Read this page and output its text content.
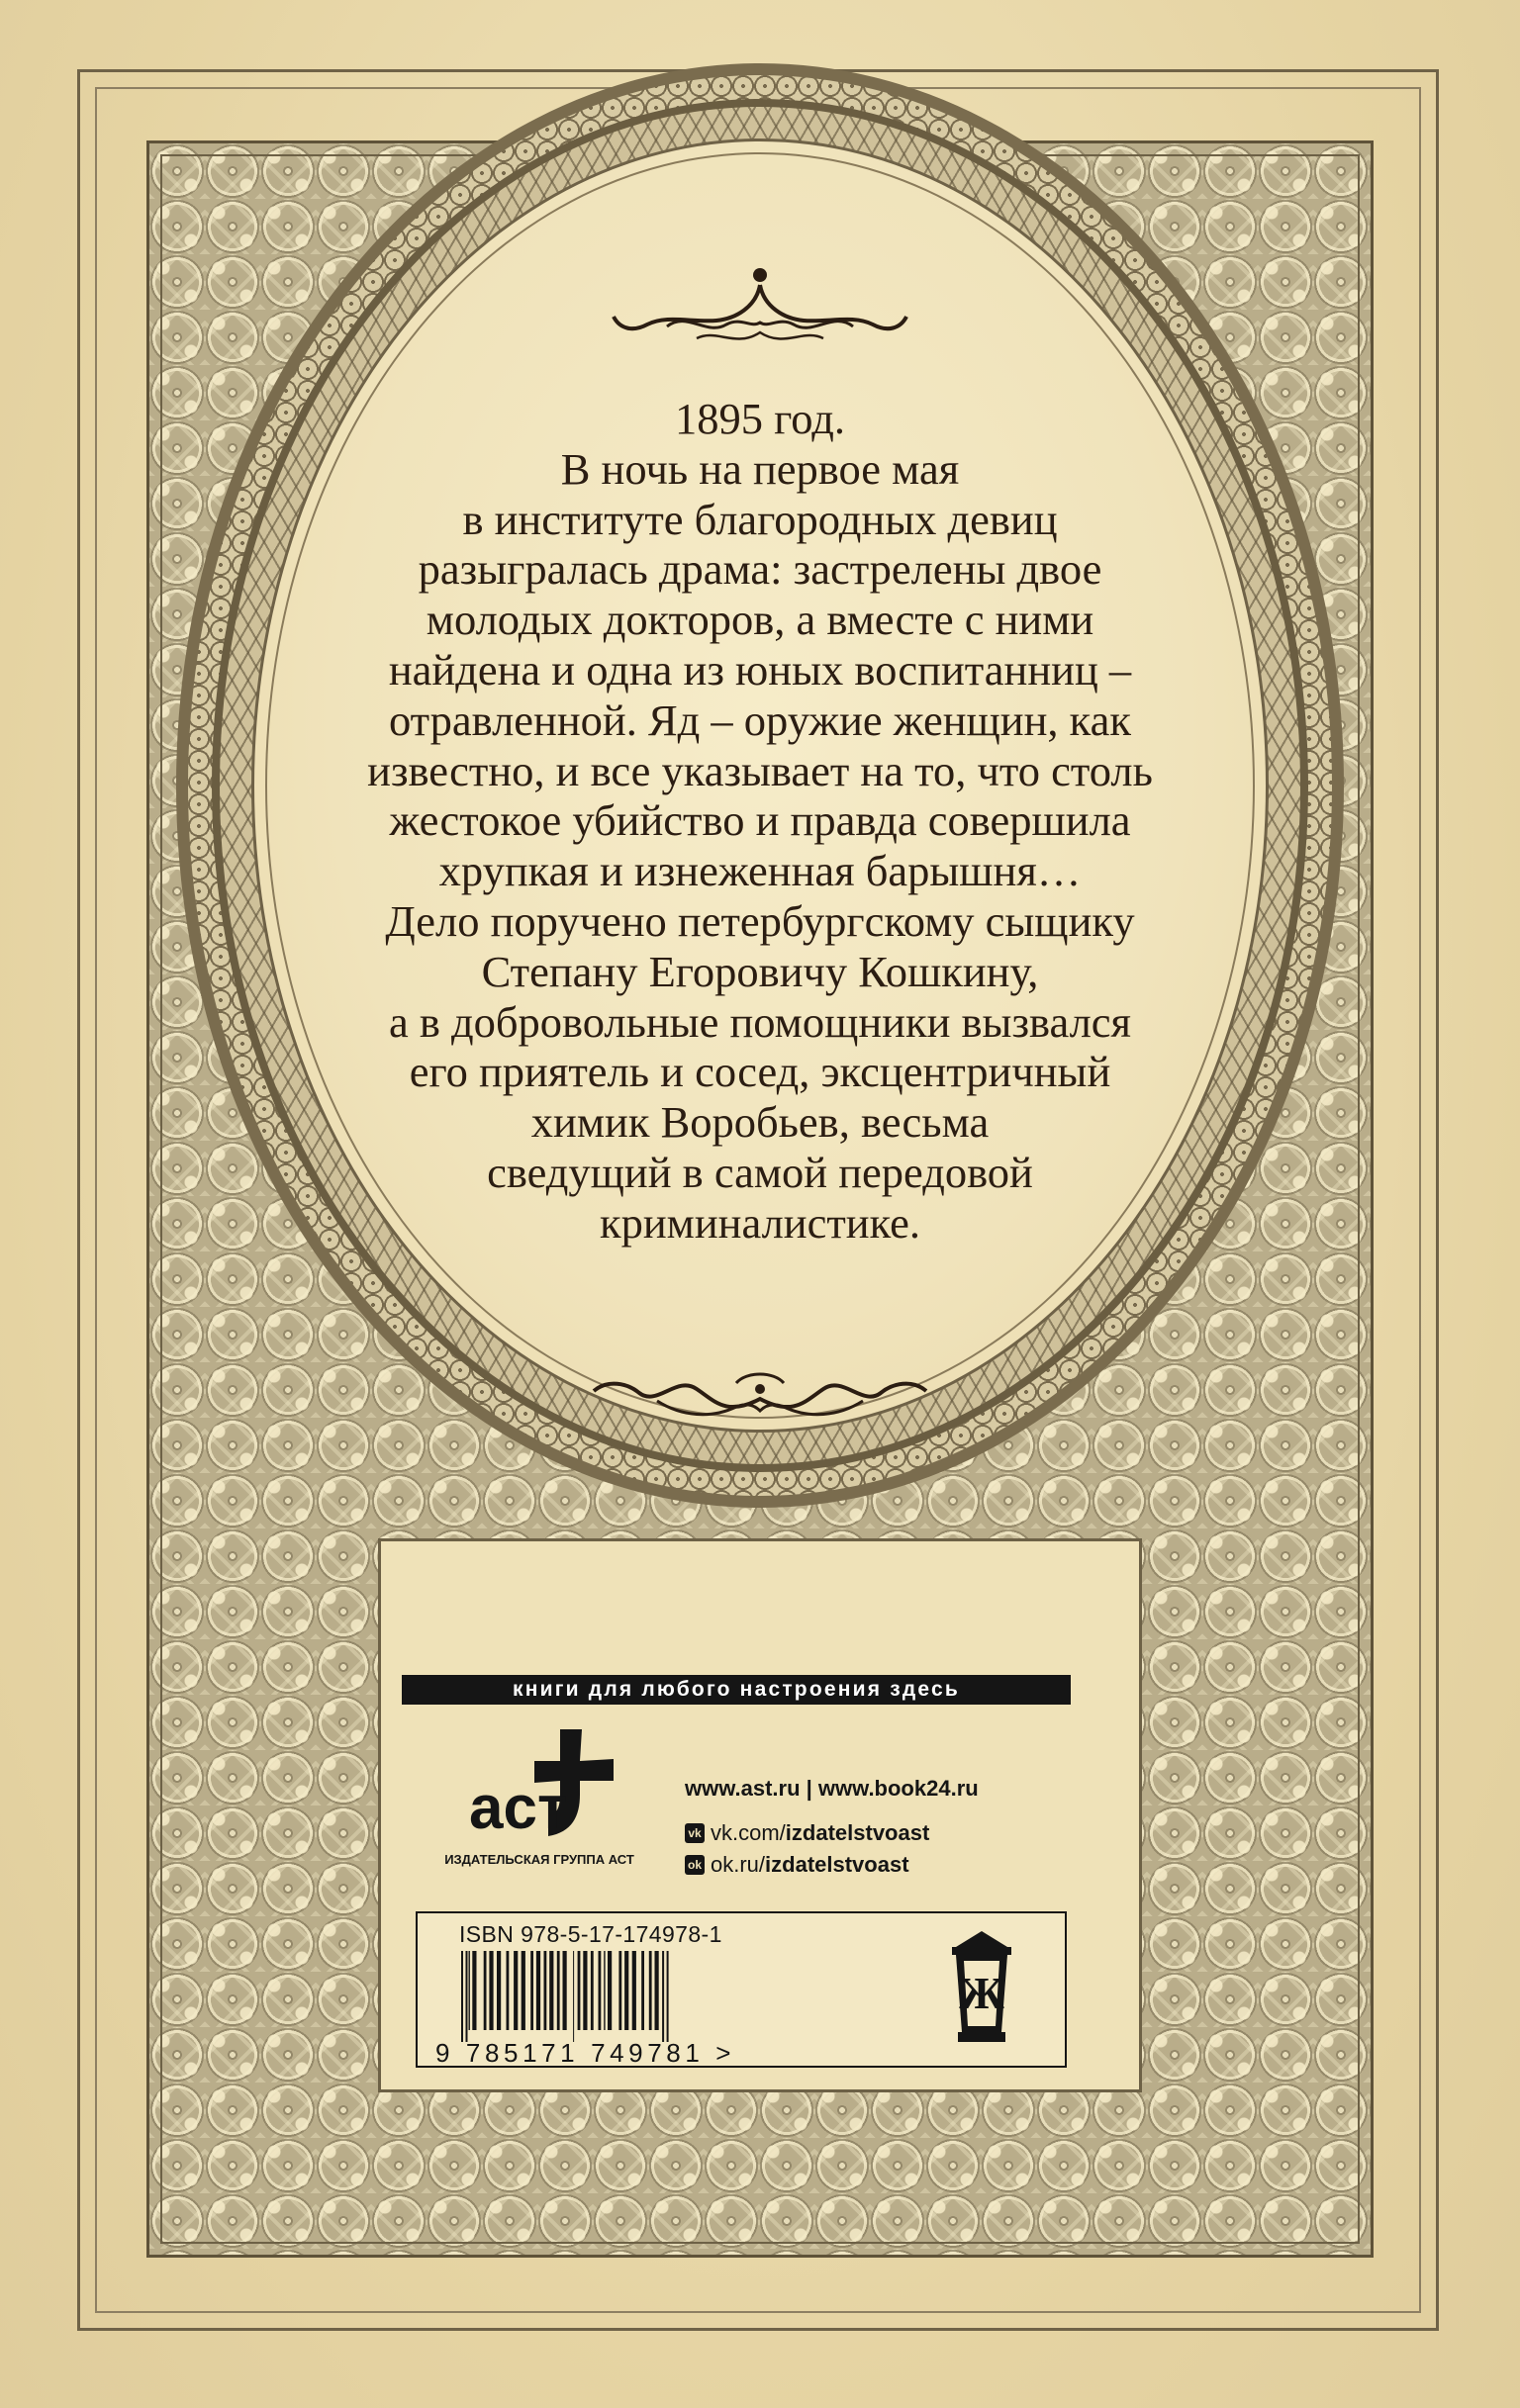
1895 год.
В ночь на первое мая
в институте благородных девиц
разыгралась драма: застрелены двое
молодых докторов, а вместе с ними
найдена и одна из юных воспитанниц –
отравленной. Яд – оружие женщин, как
известно, и все указывает на то, что столь
жестокое убийство и правда совершила
хрупкая и изнеженная барышня…
Дело поручено петербургскому сыщику
Степану Егоровичу Кошкину,
а в добровольные помощники вызвался
его приятель и сосед, эксцентричный
химик Воробьев, весьма
сведущий в самой передовой
криминалистике.
книги для любого настроения здесь
аст
ИЗДАТЕЛЬСКАЯ ГРУППА АСТ
www.ast.ru | www.book24.ru
vk vk.com/ izdatelstvoast
ok ok.ru/ izdatelstvoast
ISBN 978-5-17-174978-1
9 785171 749781 >
Ж
